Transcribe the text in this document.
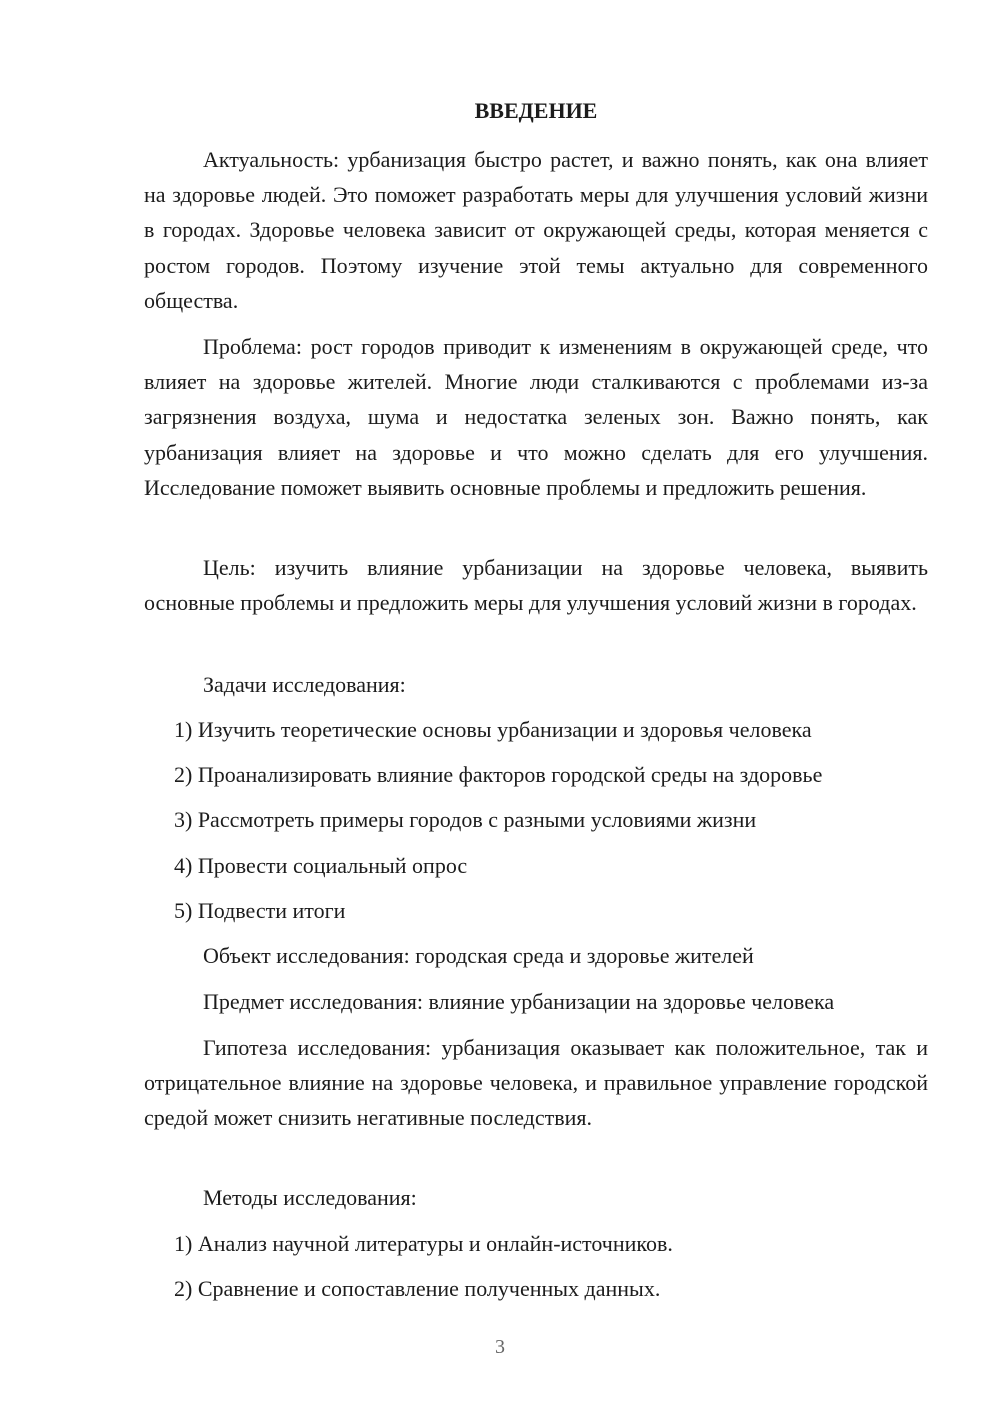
ВВЕДЕНИЕ

Актуальность: урбанизация быстро растет, и важно понять, как она влияет на здоровье людей. Это поможет разработать меры для улучшения условий жизни в городах. Здоровье человека зависит от окружающей среды, которая меняется с ростом городов. Поэтому изучение этой темы актуально для современного общества.

Проблема: рост городов приводит к изменениям в окружающей среде, что влияет на здоровье жителей. Многие люди сталкиваются с проблемами из-за загрязнения воздуха, шума и недостатка зеленых зон. Важно понять, как урбанизация влияет на здоровье и что можно сделать для его улучшения. Исследование поможет выявить основные проблемы и предложить решения.

Цель: изучить влияние урбанизации на здоровье человека, выявить основные проблемы и предложить меры для улучшения условий жизни в городах.

Задачи исследования:

1) Изучить теоретические основы урбанизации и здоровья человека

2) Проанализировать влияние факторов городской среды на здоровье

3) Рассмотреть примеры городов с разными условиями жизни

4) Провести социальный опрос

5) Подвести итоги

Объект исследования: городская среда и здоровье жителей

Предмет исследования: влияние урбанизации на здоровье человека

Гипотеза исследования: урбанизация оказывает как положительное, так и отрицательное влияние на здоровье человека, и правильное управление городской средой может снизить негативные последствия.

Методы исследования:

1) Анализ научной литературы и онлайн-источников.

2) Сравнение и сопоставление полученных данных.

3
